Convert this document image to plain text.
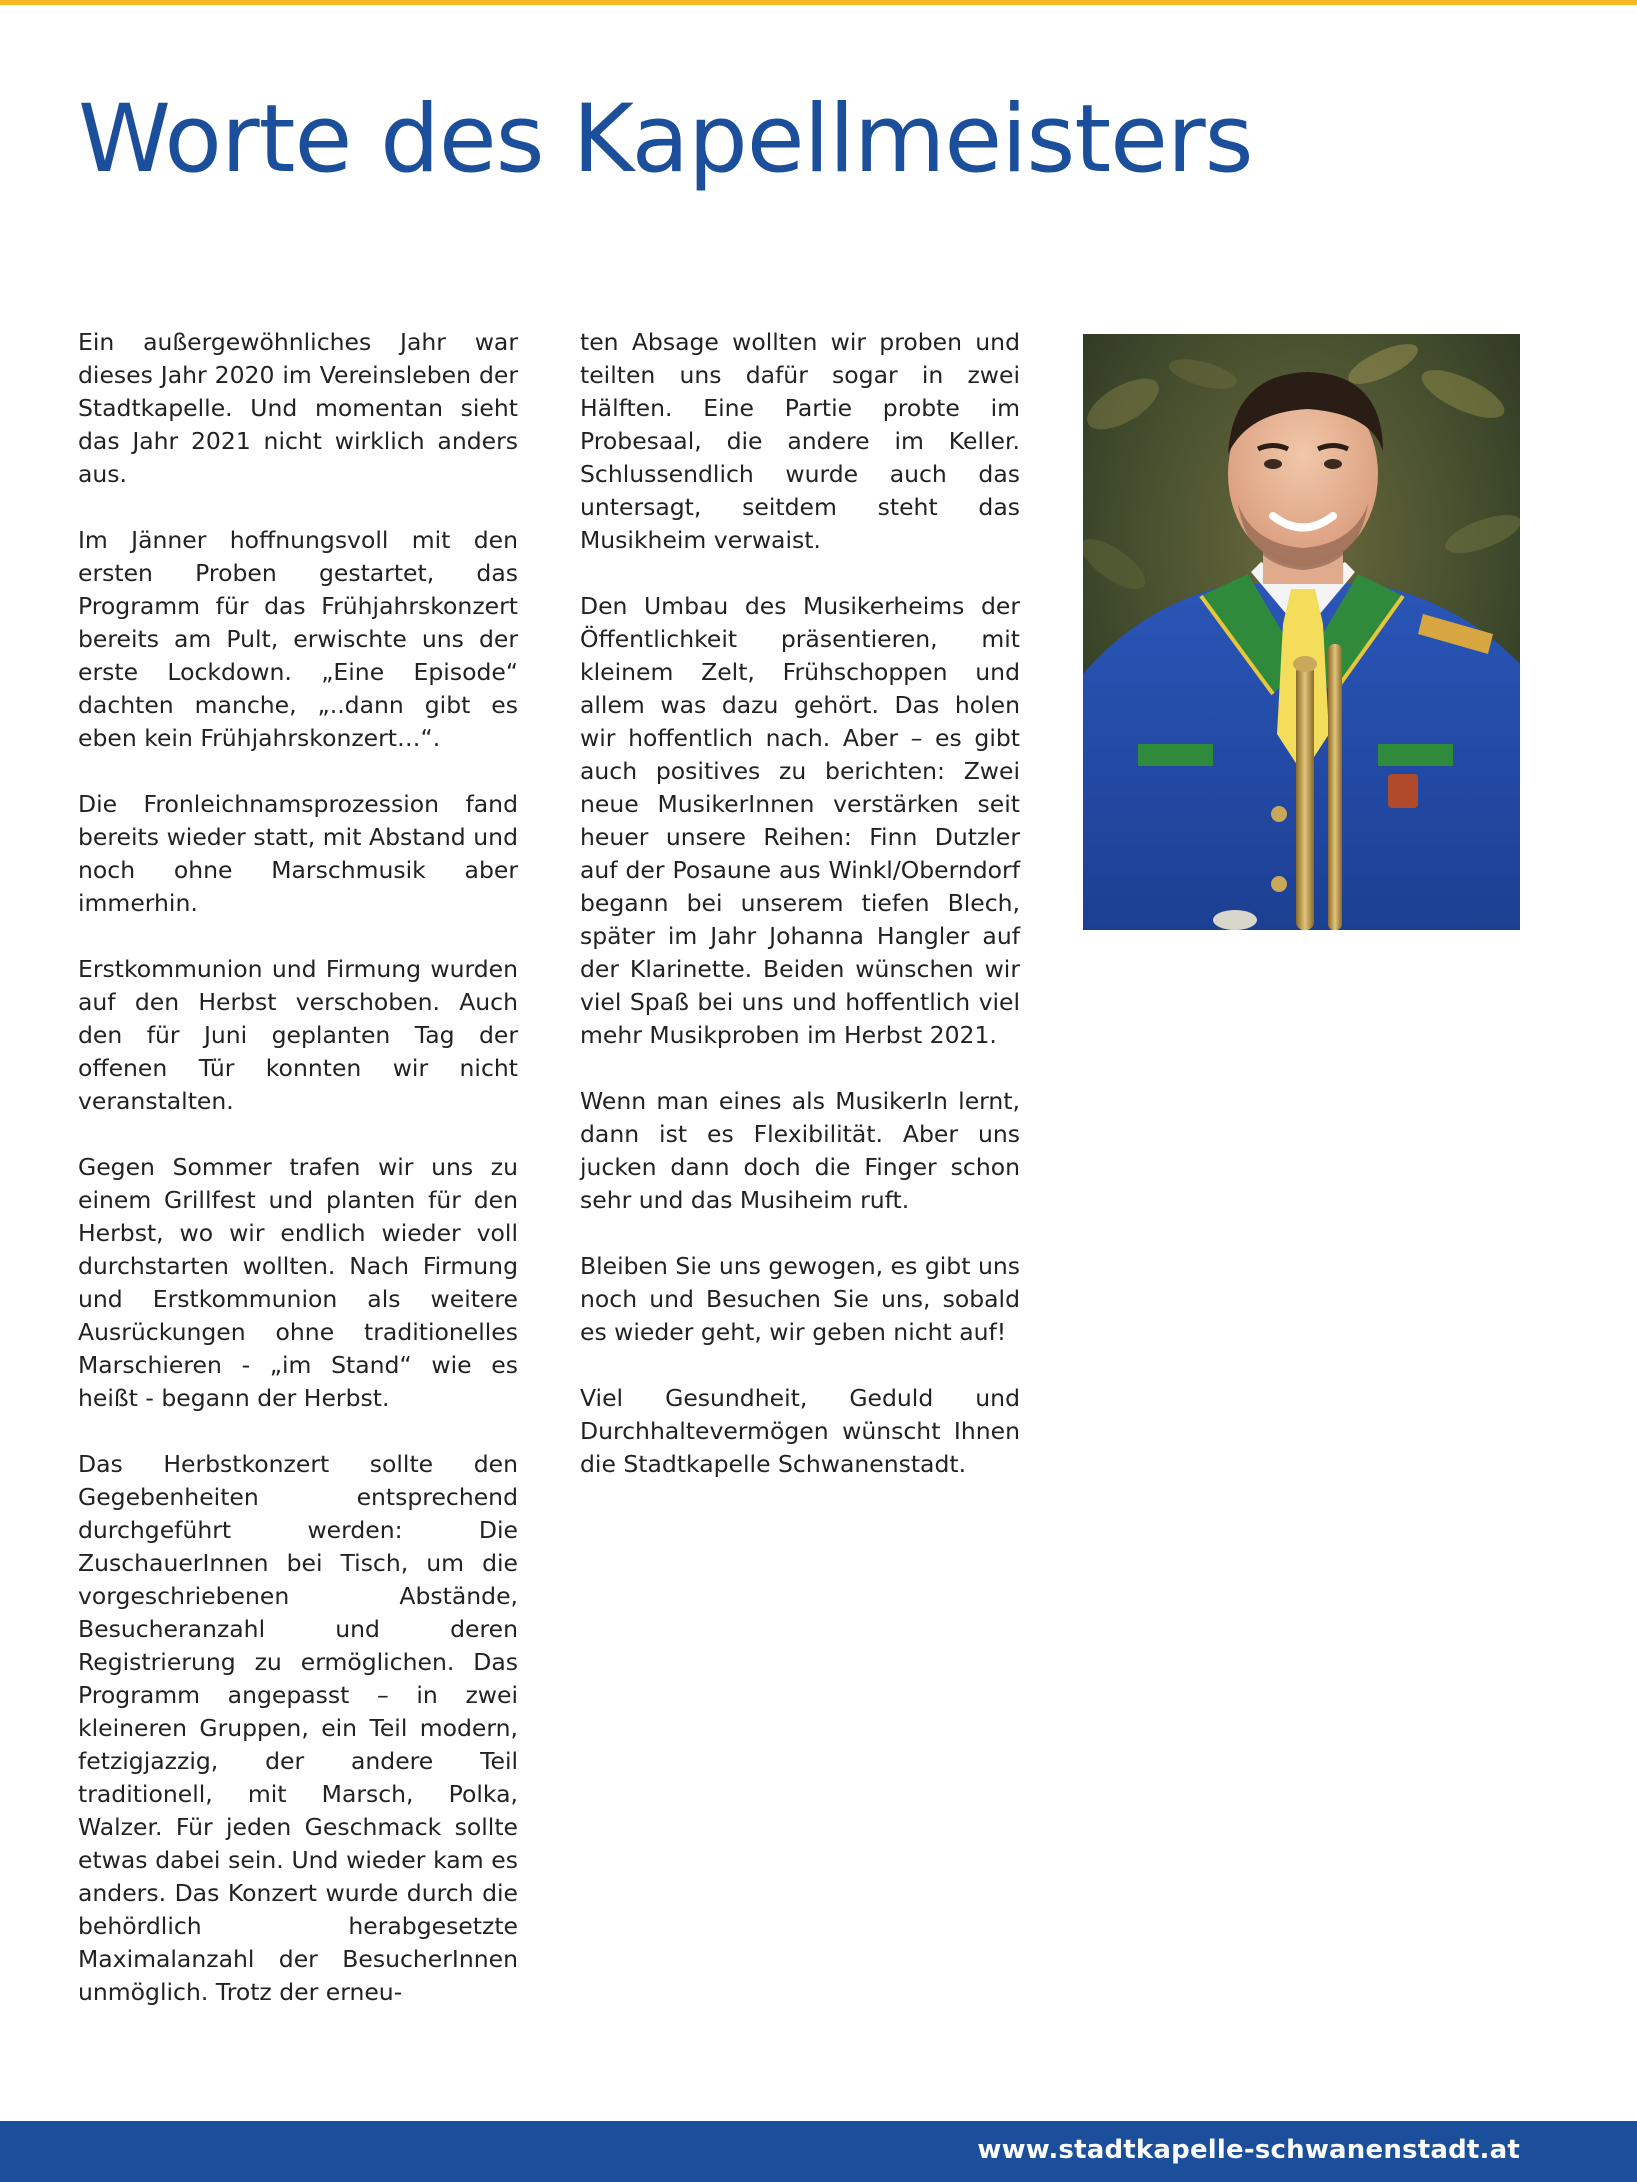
Worte des Kapellmeisters

Ein außergewöhnliches Jahr war dieses Jahr 2020 im Vereinsleben der Stadtkapelle. Und momentan sieht das Jahr 2021 nicht wirklich anders aus.

Im Jänner hoffnungsvoll mit den ersten Proben gestartet, das Programm für das Frühjahrskonzert bereits am Pult, erwischte uns der erste Lockdown. „Eine Episode“ dachten manche, „..dann gibt es eben kein Frühjahrskonzert…“.

Die Fronleichnamsprozession fand bereits wieder statt, mit Abstand und noch ohne Marschmusik aber immerhin.

Erstkommunion und Firmung wurden auf den Herbst verschoben. Auch den für Juni geplanten Tag der offenen Tür konnten wir nicht veranstalten.

Gegen Sommer trafen wir uns zu einem Grillfest und planten für den Herbst, wo wir endlich wieder voll durchstarten wollten. Nach Firmung und Erstkommunion als weitere Ausrückungen ohne traditionelles Marschieren - „im Stand“ wie es heißt - begann der Herbst.

Das Herbstkonzert sollte den Gegebenheiten entsprechend durchgeführt werden: Die ZuschauerInnen bei Tisch, um die vorgeschriebenen Abstände, Besucheranzahl und deren Registrierung zu ermöglichen. Das Programm angepasst – in zwei kleineren Gruppen, ein Teil modern, fetzigjazzig, der andere Teil traditionell, mit Marsch, Polka, Walzer. Für jeden Geschmack sollte etwas dabei sein. Und wieder kam es anders. Das Konzert wurde durch die behördlich herabgesetzte Maximalanzahl der BesucherInnen unmöglich. Trotz der erneu-

ten Absage wollten wir proben und teilten uns dafür sogar in zwei Hälften. Eine Partie probte im Probesaal, die andere im Keller. Schlussendlich wurde auch das untersagt, seitdem steht das Musikheim verwaist.

Den Umbau des Musikerheims der Öffentlichkeit präsentieren, mit kleinem Zelt, Frühschoppen und allem was dazu gehört. Das holen wir hoffentlich nach. Aber – es gibt auch positives zu berichten: Zwei neue MusikerInnen verstärken seit heuer unsere Reihen: Finn Dutzler auf der Posaune aus Winkl/Oberndorf begann bei unserem tiefen Blech, später im Jahr Johanna Hangler auf der Klarinette. Beiden wünschen wir viel Spaß bei uns und hoffentlich viel mehr Musikproben im Herbst 2021.

Wenn man eines als MusikerIn lernt, dann ist es Flexibilität. Aber uns jucken dann doch die Finger schon sehr und das Musiheim ruft.

Bleiben Sie uns gewogen, es gibt uns noch und Besuchen Sie uns, sobald es wieder geht, wir geben nicht auf!

Viel Gesundheit, Geduld und Durchhaltevermögen wünscht Ihnen die Stadtkapelle Schwanenstadt.

www.stadtkapelle-schwanenstadt.at
